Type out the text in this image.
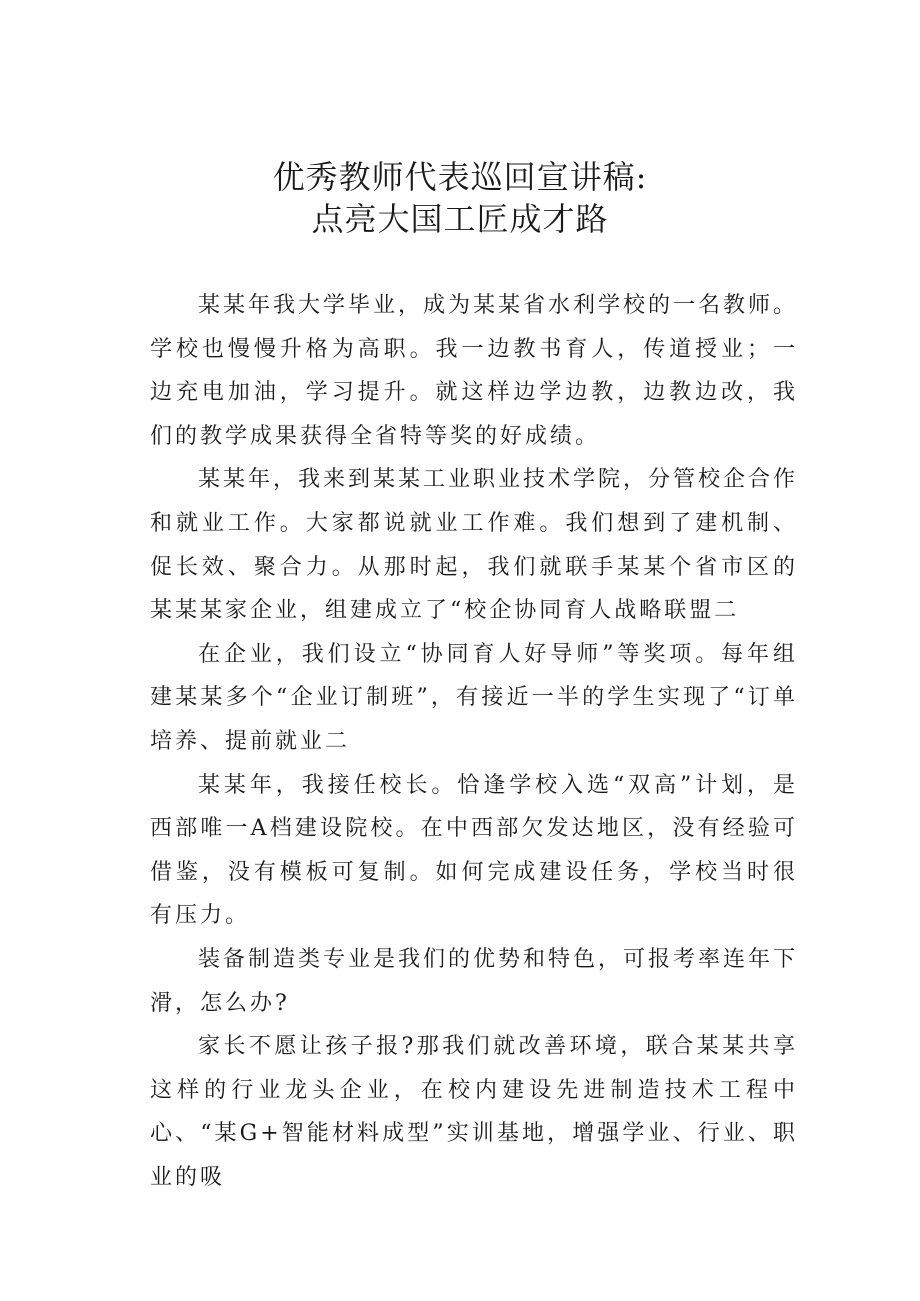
优秀教师代表巡回宣讲稿:
点亮大国工匠成才路

某某年我大学毕业，成为某某省水利学校的一名教师。学校也慢慢升格为高职。我一边教书育人，传道授业；一边充电加油，学习提升。就这样边学边教，边教边改，我们的教学成果获得全省特等奖的好成绩。

某某年，我来到某某工业职业技术学院，分管校企合作和就业工作。大家都说就业工作难。我们想到了建机制、促长效、聚合力。从那时起，我们就联手某某个省市区的某某某家企业，组建成立了“校企协同育人战略联盟二

在企业，我们设立“协同育人好导师”等奖项。每年组建某某多个“企业订制班”，有接近一半的学生实现了“订单培养、提前就业二

某某年，我接任校长。恰逢学校入选“双高”计划，是西部唯一A档建设院校。在中西部欠发达地区，没有经验可借鉴，没有模板可复制。如何完成建设任务，学校当时很有压力。

装备制造类专业是我们的优势和特色，可报考率连年下滑，怎么办?

家长不愿让孩子报?那我们就改善环境，联合某某共享这样的行业龙头企业，在校内建设先进制造技术工程中心、“某G+智能材料成型”实训基地，增强学业、行业、职业的吸
